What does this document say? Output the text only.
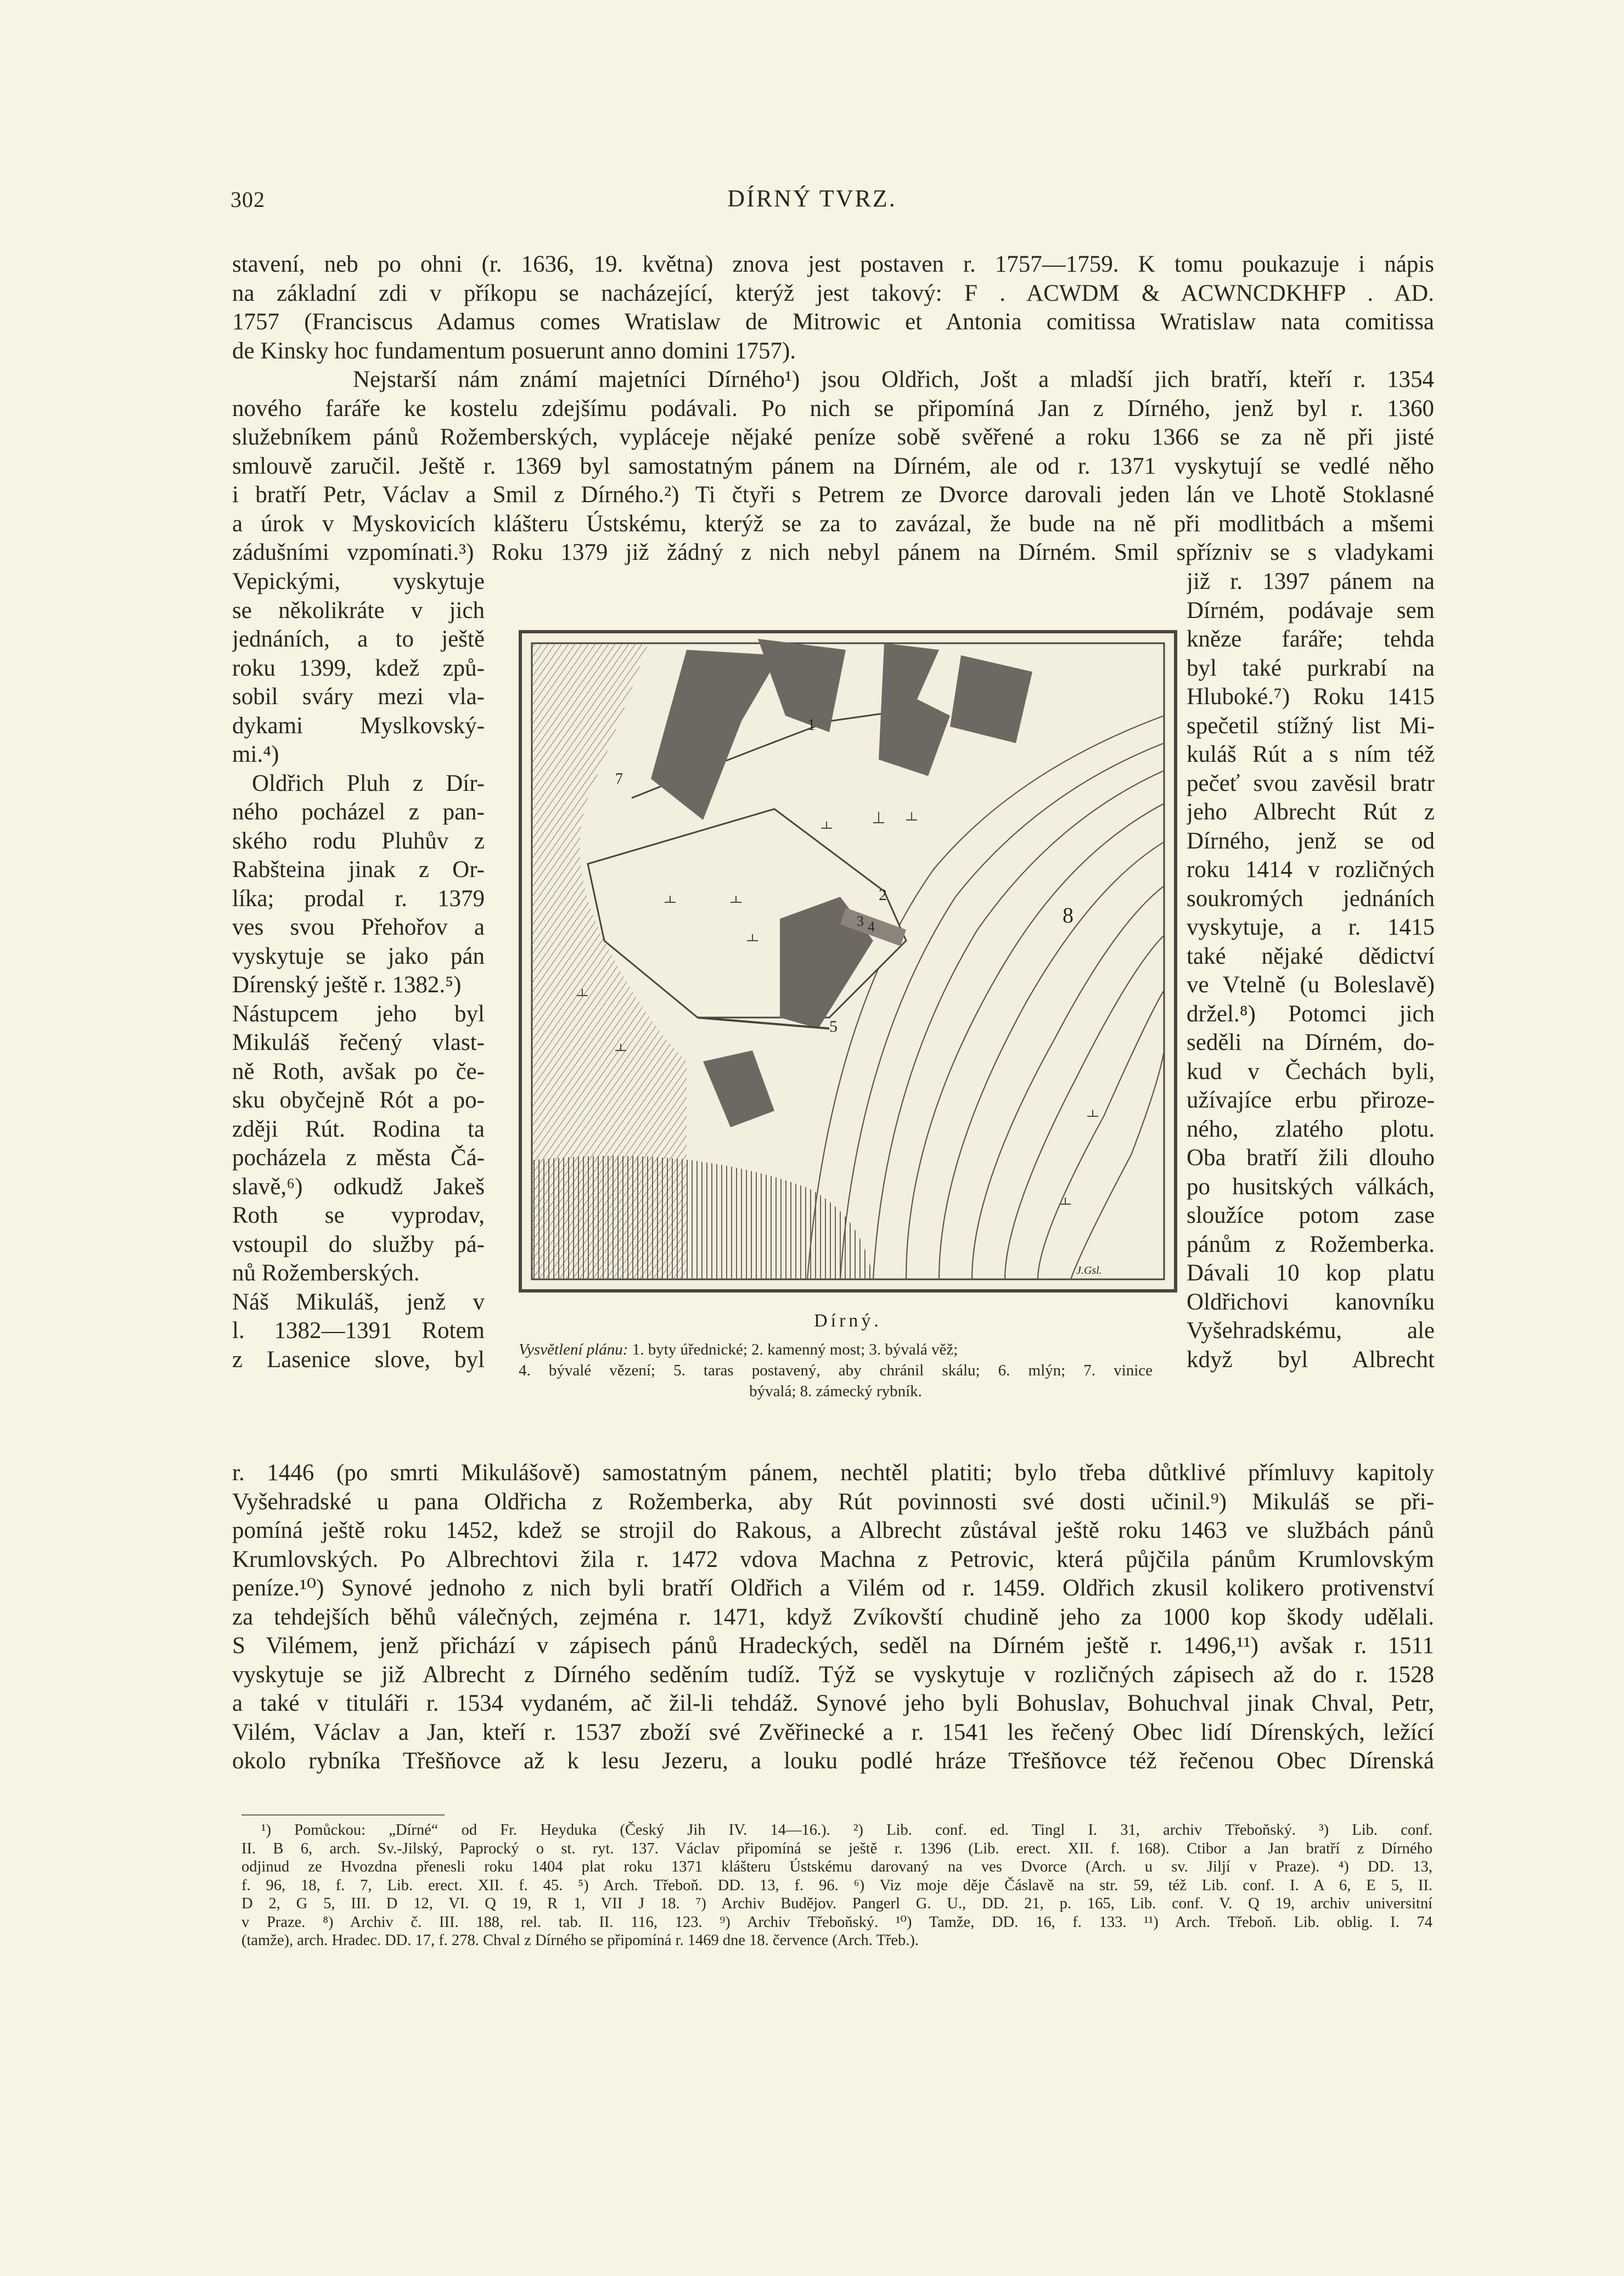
302	DÍRNÝ TVRZ.
stavení, neb po ohni (r. 1636, 19. května) znova jest postaven r. 1757—1759. K tomu poukazuje i nápis
na základní zdi v příkopu se nacházející, kterýž jest takový: F . ACWDM & ACWNCDKHFP . AD.
1757 (Franciscus Adamus comes Wratislaw de Mitrowic et Antonia comitissa Wratislaw nata comitissa
de Kinsky hoc fundamentum posuerunt anno domini 1757).
Nejstarší nám známí majetníci Dírného¹) jsou Oldřich, Jošt a mladší jich bratří, kteří r. 1354
nového faráře ke kostelu zdejšímu podávali. Po nich se připomíná Jan z Dírného, jenž byl r. 1360
služebníkem pánů Rožemberských, vypláceje nějaké peníze sobě svěřené a roku 1366 se za ně při jisté
smlouvě zaručil. Ještě r. 1369 byl samostatným pánem na Dírném, ale od r. 1371 vyskytují se vedlé něho
i bratří Petr, Václav a Smil z Dírného.²) Ti čtyři s Petrem ze Dvorce darovali jeden lán ve Lhotě Stoklasné
a úrok v Myskovicích klášteru Ústskému, kterýž se za to zavázal, že bude na ně při modlitbách a mšemi
zádušními vzpomínati.³) Roku 1379 již žádný z nich nebyl pánem na Dírném. Smil spřízniv se s vladykami
Vepickými, vyskytuje
se několikráte v jich
jednáních, a to ještě
roku 1399, kdež způ-
sobil sváry mezi vla-
dykami Myslkovský-
mi.⁴)
Oldřich Pluh z Dír-
ného pocházel z pan-
ského rodu Pluhův z
Rabšteina jinak z Or-
líka; prodal r. 1379
ves svou Přehořov a
vyskytuje se jako pán
Dírenský ještě r. 1382.⁵)
Nástupcem jeho byl
Mikuláš řečený vlast-
ně Roth, avšak po če-
sku obyčejně Rót a po-
zději Rút. Rodina ta
pocházela z města Čá-
slavě,⁶) odkudž Jakeš
Roth se vyprodav,
vstoupil do služby pá-
nů Rožemberských.
Náš Mikuláš, jenž v
l. 1382—1391 Rotem
z Lasenice slove, byl
již r. 1397 pánem na
Dírném, podávaje sem
kněze faráře; tehda
byl také purkrabí na
Hluboké.⁷) Roku 1415
spečetil stížný list Mi-
kuláš Rút a s ním též
pečeť svou zavěsil bratr
jeho Albrecht Rút z
Dírného, jenž se od
roku 1414 v rozličných
soukromých jednáních
vyskytuje, a r. 1415
také nějaké dědictví
ve Vtelně (u Boleslavě)
držel.⁸) Potomci jich
seděli na Dírném, do-
kud v Čechách byli,
užívajíce erbu přiroze-
ného, zlatého plotu.
Oba bratří žili dlouho
po husitských válkách,
sloužíce potom zase
pánům z Rožemberka.
Dávali 10 kop platu
Oldřichovi kanovníku
Vyšehradskému, ale
když byl Albrecht
1
2
3 4
5
7
8
J.Gsl.
Dírný.
Vysvětlení plánu: 1. byty úřednické; 2. kamenný most; 3. bývalá věž;
4. bývalé vězení; 5. taras postavený, aby chránil skálu; 6. mlýn; 7. vinice
bývalá; 8. zámecký rybník.
r. 1446 (po smrti Mikulášově) samostatným pánem, nechtěl platiti; bylo třeba důtklivé přímluvy kapitoly
Vyšehradské u pana Oldřicha z Rožemberka, aby Rút povinnosti své dosti učinil.⁹) Mikuláš se při-
pomíná ještě roku 1452, kdež se strojil do Rakous, a Albrecht zůstával ještě roku 1463 ve službách pánů
Krumlovských. Po Albrechtovi žila r. 1472 vdova Machna z Petrovic, která půjčila pánům Krumlovským
peníze.¹⁰) Synové jednoho z nich byli bratří Oldřich a Vilém od r. 1459. Oldřich zkusil kolikero protivenství
za tehdejších běhů válečných, zejména r. 1471, když Zvíkovští chudině jeho za 1000 kop škody udělali.
S Vilémem, jenž přichází v zápisech pánů Hradeckých, seděl na Dírném ještě r. 1496,¹¹) avšak r. 1511
vyskytuje se již Albrecht z Dírného seděním tudíž. Týž se vyskytuje v rozličných zápisech až do r. 1528
a také v tituláři r. 1534 vydaném, ač žil-li tehdáž. Synové jeho byli Bohuslav, Bohuchval jinak Chval, Petr,
Vilém, Václav a Jan, kteří r. 1537 zboží své Zvěřinecké a r. 1541 les řečený Obec lidí Dírenských, ležící
okolo rybníka Třešňovce až k lesu Jezeru, a louku podlé hráze Třešňovce též řečenou Obec Dírenská
¹) Pomůckou: „Dírné“ od Fr. Heyduka (Český Jih IV. 14—16.). ²) Lib. conf. ed. Tingl I. 31, archiv Třeboňský. ³) Lib. conf.
II. B 6, arch. Sv.-Jilský, Paprocký o st. ryt. 137. Václav připomíná se ještě r. 1396 (Lib. erect. XII. f. 168). Ctibor a Jan bratří z Dírného
odjinud ze Hvozdna přenesli roku 1404 plat roku 1371 klášteru Ústskému darovaný na ves Dvorce (Arch. u sv. Jiljí v Praze). ⁴) DD. 13,
f. 96, 18, f. 7, Lib. erect. XII. f. 45. ⁵) Arch. Třeboň. DD. 13, f. 96. ⁶) Viz moje děje Čáslavě na str. 59, též Lib. conf. I. A 6, E 5, II.
D 2, G 5, III. D 12, VI. Q 19, R 1, VII J 18. ⁷) Archiv Budějov. Pangerl G. U., DD. 21, p. 165, Lib. conf. V. Q 19, archiv universitní
v Praze. ⁸) Archiv č. III. 188, rel. tab. II. 116, 123. ⁹) Archiv Třeboňský. ¹⁰) Tamže, DD. 16, f. 133. ¹¹) Arch. Třeboň. Lib. oblig. I. 74
(tamže), arch. Hradec. DD. 17, f. 278. Chval z Dírného se připomíná r. 1469 dne 18. července (Arch. Třeb.).
